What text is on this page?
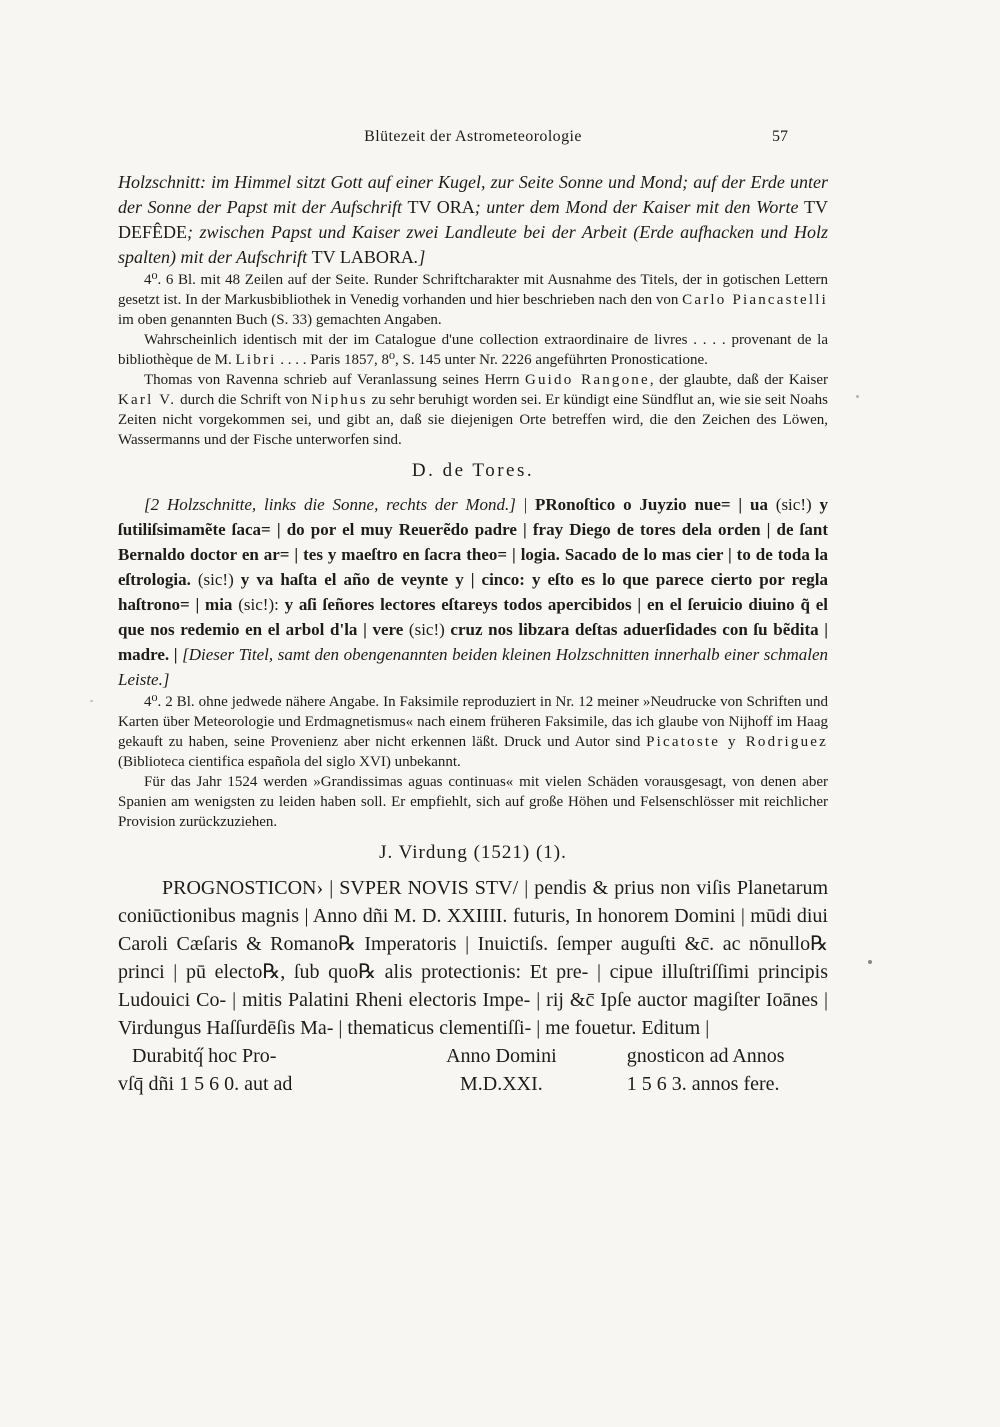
Blütezeit der Astrometeorologie	57

Holzschnitt: im Himmel sitzt Gott auf einer Kugel, zur Seite Sonne und Mond; auf der Erde unter der Sonne der Papst mit der Aufschrift TV ORA; unter dem Mond der Kaiser mit den Worte TV DEFÊDE; zwischen Papst und Kaiser zwei Landleute bei der Arbeit (Erde aufhacken und Holz spalten) mit der Aufschrift TV LABORA.]

4⁰. 6 Bl. mit 48 Zeilen auf der Seite. Runder Schriftcharakter mit Ausnahme des Titels, der in gotischen Lettern gesetzt ist. In der Markusbibliothek in Venedig vorhanden und hier beschrieben nach den von Carlo Piancastelli im oben genannten Buch (S. 33) gemachten Angaben.

Wahrscheinlich identisch mit der im Catalogue d'une collection extraordinaire de livres . . . . provenant de la bibliothèque de M. Libri . . . . Paris 1857, 8⁰, S. 145 unter Nr. 2226 angeführten Pronosticatione.

Thomas von Ravenna schrieb auf Veranlassung seines Herrn Guido Rangone, der glaubte, daß der Kaiser Karl V. durch die Schrift von Niphus zu sehr beruhigt worden sei. Er kündigt eine Sündflut an, wie sie seit Noahs Zeiten nicht vorgekommen sei, und gibt an, daß sie diejenigen Orte betreffen wird, die den Zeichen des Löwen, Wassermanns und der Fische unterworfen sind.

D. de Tores.

[2 Holzschnitte, links die Sonne, rechts der Mond.] | PRonoſtico o Juyzio nue= | ua (sic!) y ſutiliſsimamẽte ſaca= | do por el muy Reuerẽdo padre | fray Diego de tores dela orden | de ſant Bernaldo doctor en ar= | tes y maeſtro en ſacra theo= | logia. Sacado de lo mas cier | to de toda la eſtrologia. (sic!) y va haſta el año de veynte y | cinco: y eſto es lo que parece cierto por regla haſtrono= | mia (sic!): y aſi ſeñores lectores eſtareys todos apercibidos | en el ſeruicio diuino q̃ el que nos redemio en el arbol d'la | vere (sic!) cruz nos libzara deſtas aduerſidades con ſu bẽdita | madre. | [Dieser Titel, samt den obengenannten beiden kleinen Holzschnitten innerhalb einer schmalen Leiste.]

4⁰. 2 Bl. ohne jedwede nähere Angabe. In Faksimile reproduziert in Nr. 12 meiner »Neudrucke von Schriften und Karten über Meteorologie und Erdmagnetismus« nach einem früheren Faksimile, das ich glaube von Nijhoff im Haag gekauft zu haben, seine Provenienz aber nicht erkennen läßt. Druck und Autor sind Picatoste y Rodriguez (Biblioteca cientifica española del siglo XVI) unbekannt.

Für das Jahr 1524 werden »Grandissimas aguas continuas« mit vielen Schäden vorausgesagt, von denen aber Spanien am wenigsten zu leiden haben soll. Er empfiehlt, sich auf große Höhen und Felsenschlösser mit reichlicher Provision zurückzuziehen.

J. Virdung (1521) (1).

PROGNOSTICON› | SVPER NOVIS STV/ | pendis & prius non viſis Planetarum coniūctionibus magnis | Anno dñi M. D. XXIIII. futuris, In honorem Domini | mūdi diui Caroli Cæſaris & Romano℞ Imperatoris | Inuictiſs. ſemper auguſti &c̄. ac nōnullo℞ princi | pū electo℞, ſub quo℞ alis protectionis: Et pre- | cipue illuſtriſſimi principis Ludouici Co- | mitis Palatini Rheni electoris Impe- | rij &c̄ Ipſe auctor magiſter Ioānes | Virdungus Haſſurdēſis Ma- | thematicus clementiſſi- | me fouetur. Editum |

Durabitq̋ hoc Pro-
vſq̄ dñi 1 5 6 0. aut ad
Anno Domini
M.D.XXI.
gnosticon ad Annos
1 5 6 3. annos fere.
